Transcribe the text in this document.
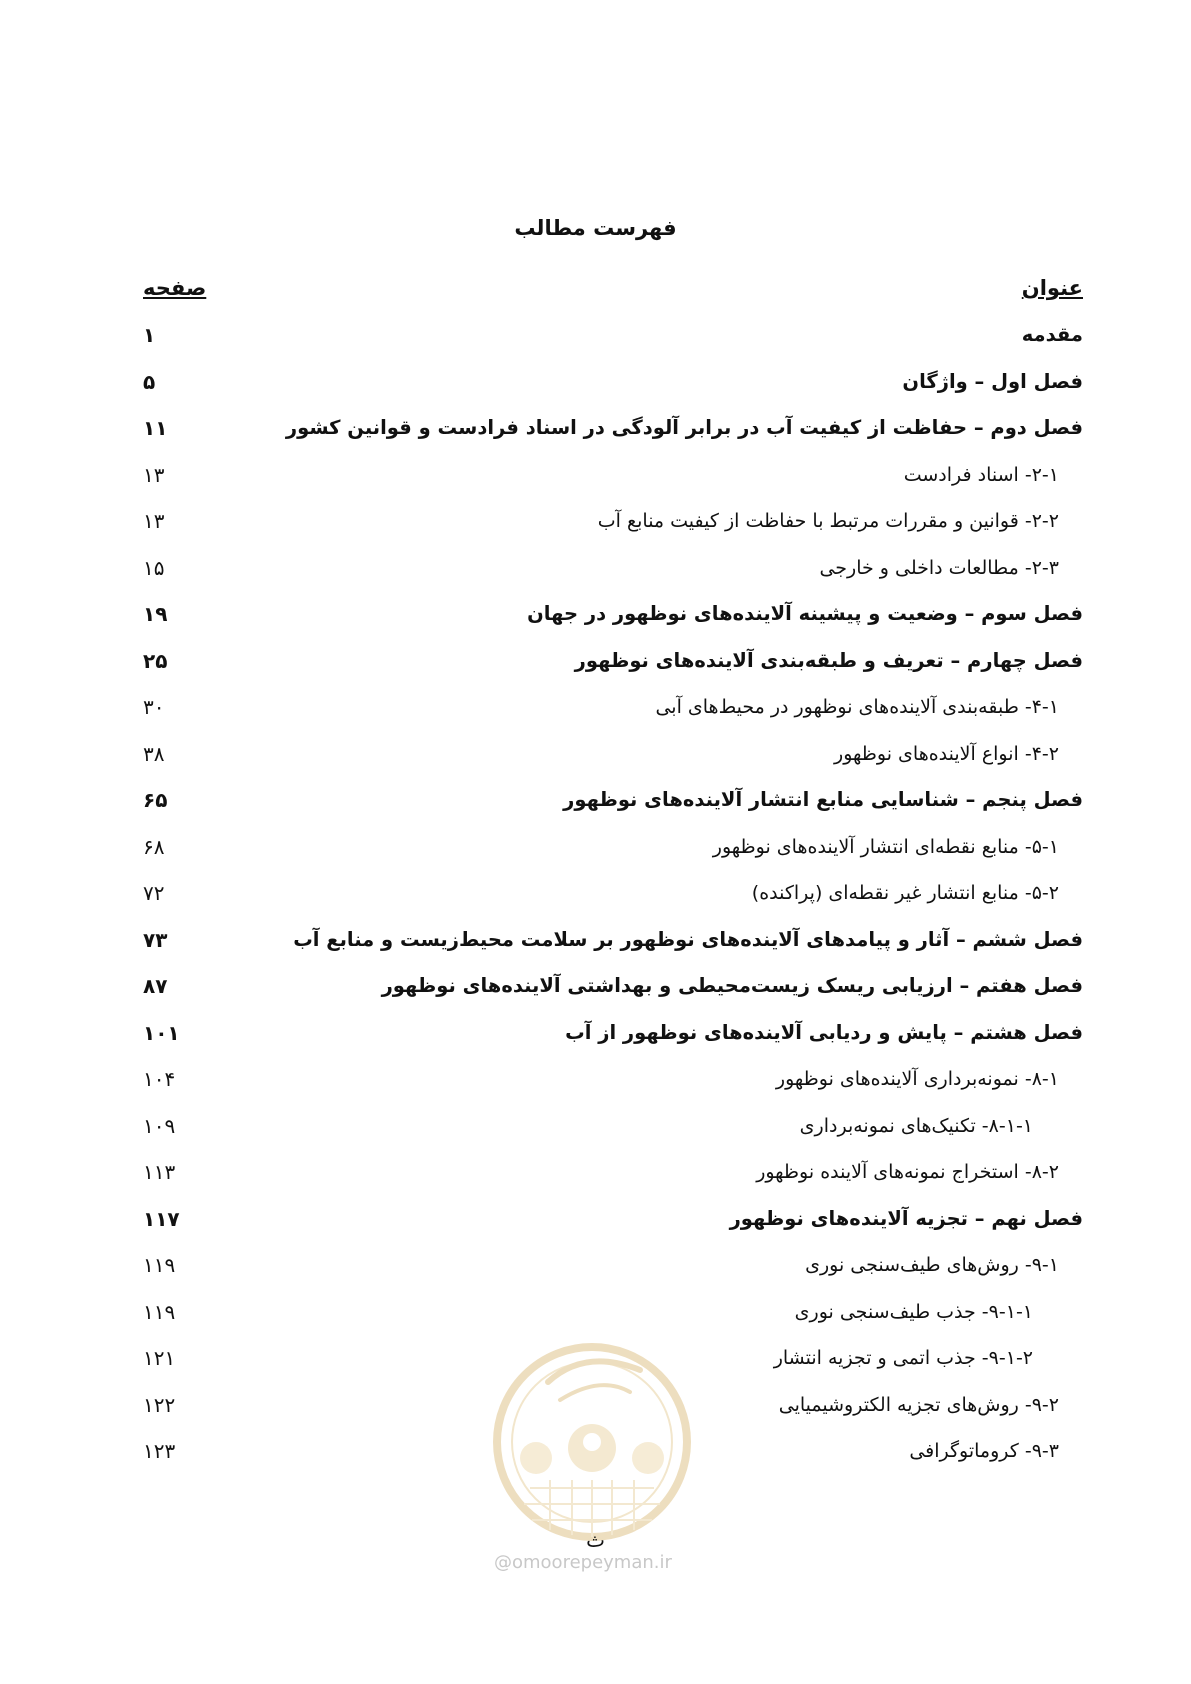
فهرست مطالب
عنوان
صفحه
مقدمه
۱
فصل اول – واژگان
۵
فصل دوم – حفاظت از کیفیت آب در برابر آلودگی در اسناد فرادست و قوانین کشور
۱۱
۲-۱- اسناد فرادست
۱۳
۲-۲- قوانین و مقررات مرتبط با حفاظت از کیفیت منابع آب
۱۳
۲-۳- مطالعات داخلی و خارجی
۱۵
فصل سوم – وضعیت و پیشینه آلاینده‌های نوظهور در جهان
۱۹
فصل چهارم – تعریف و طبقه‌بندی آلاینده‌های نوظهور
۲۵
۴-۱- طبقه‌بندی آلاینده‌های نوظهور در محیط‌های آبی
۳۰
۴-۲- انواع آلاینده‌های نوظهور
۳۸
فصل پنجم – شناسایی منابع انتشار آلاینده‌های نوظهور
۶۵
۵-۱- منابع نقطه‌ای انتشار آلاینده‌های نوظهور
۶۸
۵-۲- منابع انتشار غیر نقطه‌ای (پراکنده)
۷۲
فصل ششم – آثار و پیامدهای آلاینده‌های نوظهور بر سلامت محیط‌زیست و منابع آب
۷۳
فصل هفتم – ارزیابی ریسک زیست‌محیطی و بهداشتی آلاینده‌های نوظهور
۸۷
فصل هشتم – پایش و ردیابی آلاینده‌های نوظهور از آب
۱۰۱
۸-۱- نمونه‌برداری آلاینده‌های نوظهور
۱۰۴
۸-۱-۱- تکنیک‌های نمونه‌برداری
۱۰۹
۸-۲- استخراج نمونه‌های آلاینده نوظهور
۱۱۳
فصل نهم – تجزیه آلاینده‌های نوظهور
۱۱۷
۹-۱- روش‌های طیف‌سنجی نوری
۱۱۹
۹-۱-۱- جذب طیف‌سنجی نوری
۱۱۹
۹-۱-۲- جذب اتمی و تجزیه انتشار
۱۲۱
۹-۲- روش‌های تجزیه الکتروشیمیایی
۱۲۲
۹-۳- کروماتوگرافی
۱۲۳
ث
@omoorepeyman.ir
